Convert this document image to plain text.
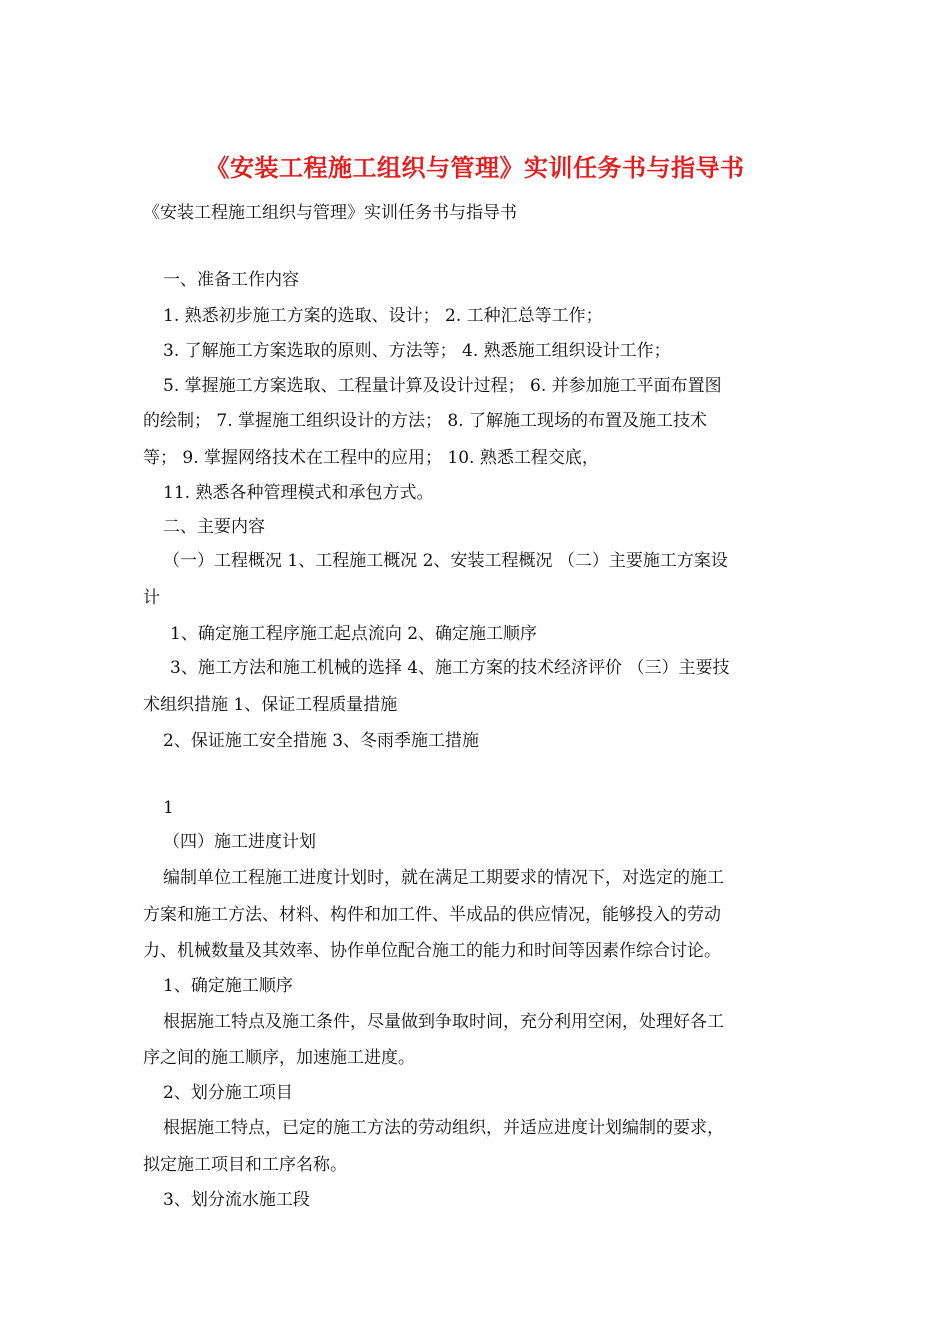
《安装工程施工组织与管理》实训任务书与指导书
《安装工程施工组织与管理》实训任务书与指导书
一、准备工作内容
1. 熟悉初步施工方案的选取、设计； 2. 工种汇总等工作；
3. 了解施工方案选取的原则、方法等； 4. 熟悉施工组织设计工作；
5. 掌握施工方案选取、工程量计算及设计过程； 6. 并参加施工平面布置图
的绘制； 7. 掌握施工组织设计的方法； 8. 了解施工现场的布置及施工技术
等； 9. 掌握网络技术在工程中的应用； 10. 熟悉工程交底，
11. 熟悉各种管理模式和承包方式。
二、主要内容
（一）工程概况 1、工程施工概况 2、安装工程概况 （二）主要施工方案设
计
1、确定施工程序施工起点流向 2、确定施工顺序
3、施工方法和施工机械的选择 4、施工方案的技术经济评价 （三）主要技
术组织措施 1、保证工程质量措施
2、保证施工安全措施 3、冬雨季施工措施
1
（四）施工进度计划
编制单位工程施工进度计划时，就在满足工期要求的情况下，对选定的施工
方案和施工方法、材料、构件和加工件、半成品的供应情况，能够投入的劳动
力、机械数量及其效率、协作单位配合施工的能力和时间等因素作综合讨论。
1、确定施工顺序
根据施工特点及施工条件，尽量做到争取时间，充分利用空闲，处理好各工
序之间的施工顺序，加速施工进度。
2、划分施工项目
根据施工特点，已定的施工方法的劳动组织，并适应进度计划编制的要求，
拟定施工项目和工序名称。
3、划分流水施工段
